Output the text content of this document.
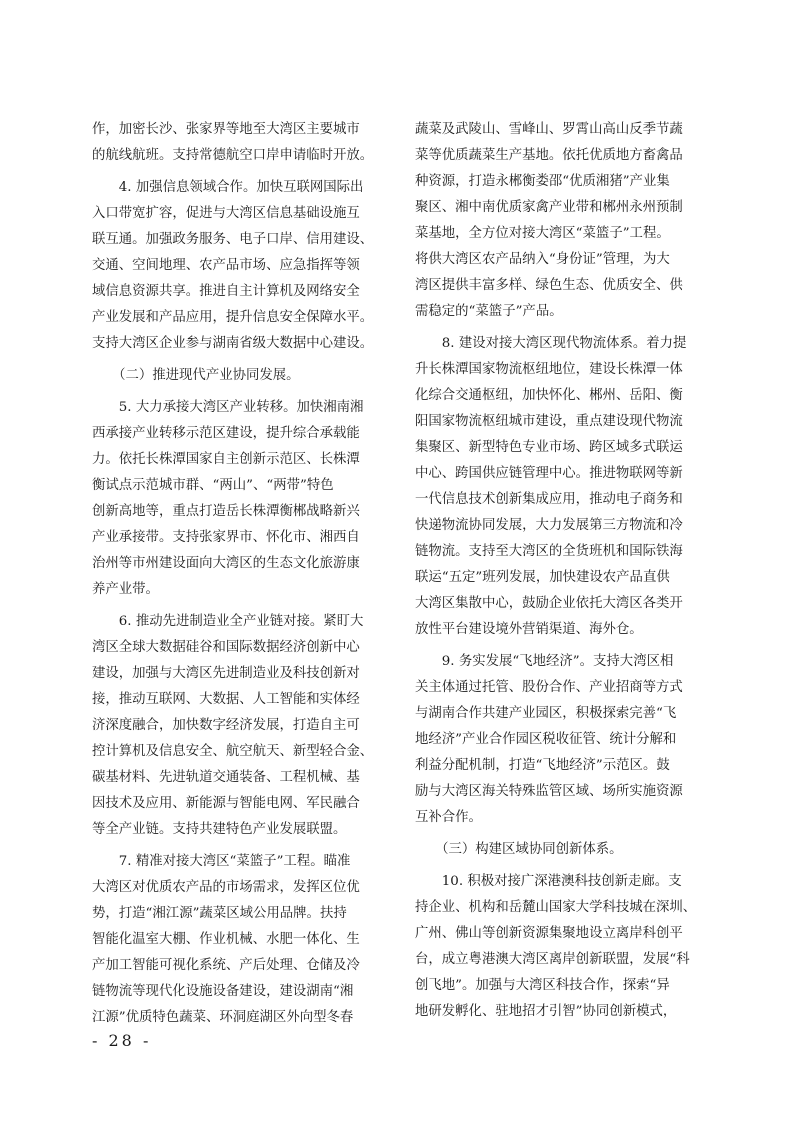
作，加密长沙、张家界等地至大湾区主要城市
的航线航班。支持常德航空口岸申请临时开放。
　　4. 加强信息领域合作。加快互联网国际出
入口带宽扩容，促进与大湾区信息基础设施互
联互通。加强政务服务、电子口岸、信用建设、
交通、空间地理、农产品市场、应急指挥等领
域信息资源共享。推进自主计算机及网络安全
产业发展和产品应用，提升信息安全保障水平。
支持大湾区企业参与湖南省级大数据中心建设。
　　（二）推进现代产业协同发展。
　　5. 大力承接大湾区产业转移。加快湘南湘
西承接产业转移示范区建设，提升综合承载能
力。依托长株潭国家自主创新示范区、长株潭
衡试点示范城市群、“两山”、“两带”特色
创新高地等，重点打造岳长株潭衡郴战略新兴
产业承接带。支持张家界市、怀化市、湘西自
治州等市州建设面向大湾区的生态文化旅游康
养产业带。
　　6. 推动先进制造业全产业链对接。紧盯大
湾区全球大数据硅谷和国际数据经济创新中心
建设，加强与大湾区先进制造业及科技创新对
接，推动互联网、大数据、人工智能和实体经
济深度融合，加快数字经济发展，打造自主可
控计算机及信息安全、航空航天、新型轻合金、
碳基材料、先进轨道交通装备、工程机械、基
因技术及应用、新能源与智能电网、军民融合
等全产业链。支持共建特色产业发展联盟。
　　7. 精准对接大湾区“菜篮子”工程。瞄准
大湾区对优质农产品的市场需求，发挥区位优
势，打造“湘江源”蔬菜区域公用品牌。扶持
智能化温室大棚、作业机械、水肥一体化、生
产加工智能可视化系统、产后处理、仓储及冷
链物流等现代化设施设备建设，建设湖南“湘
江源”优质特色蔬菜、环洞庭湖区外向型冬春
蔬菜及武陵山、雪峰山、罗霄山高山反季节蔬
菜等优质蔬菜生产基地。依托优质地方畜禽品
种资源，打造永郴衡娄邵“优质湘猪”产业集
聚区、湘中南优质家禽产业带和郴州永州预制
菜基地，全方位对接大湾区“菜篮子”工程。
将供大湾区农产品纳入“身份证”管理，为大
湾区提供丰富多样、绿色生态、优质安全、供
需稳定的“菜篮子”产品。
　　8. 建设对接大湾区现代物流体系。着力提
升长株潭国家物流枢纽地位，建设长株潭一体
化综合交通枢纽，加快怀化、郴州、岳阳、衡
阳国家物流枢纽城市建设，重点建设现代物流
集聚区、新型特色专业市场、跨区域多式联运
中心、跨国供应链管理中心。推进物联网等新
一代信息技术创新集成应用，推动电子商务和
快递物流协同发展，大力发展第三方物流和冷
链物流。支持至大湾区的全货班机和国际铁海
联运“五定”班列发展，加快建设农产品直供
大湾区集散中心，鼓励企业依托大湾区各类开
放性平台建设境外营销渠道、海外仓。
　　9. 务实发展“飞地经济”。支持大湾区相
关主体通过托管、股份合作、产业招商等方式
与湖南合作共建产业园区，积极探索完善“飞
地经济”产业合作园区税收征管、统计分解和
利益分配机制，打造“飞地经济”示范区。鼓
励与大湾区海关特殊监管区域、场所实施资源
互补合作。
　　（三）构建区域协同创新体系。
　　10. 积极对接广深港澳科技创新走廊。支
持企业、机构和岳麓山国家大学科技城在深圳、
广州、佛山等创新资源集聚地设立离岸科创平
台，成立粤港澳大湾区离岸创新联盟，发展“科
创飞地”。加强与大湾区科技合作，探索“异
地研发孵化、驻地招才引智”协同创新模式，
- 28 -
